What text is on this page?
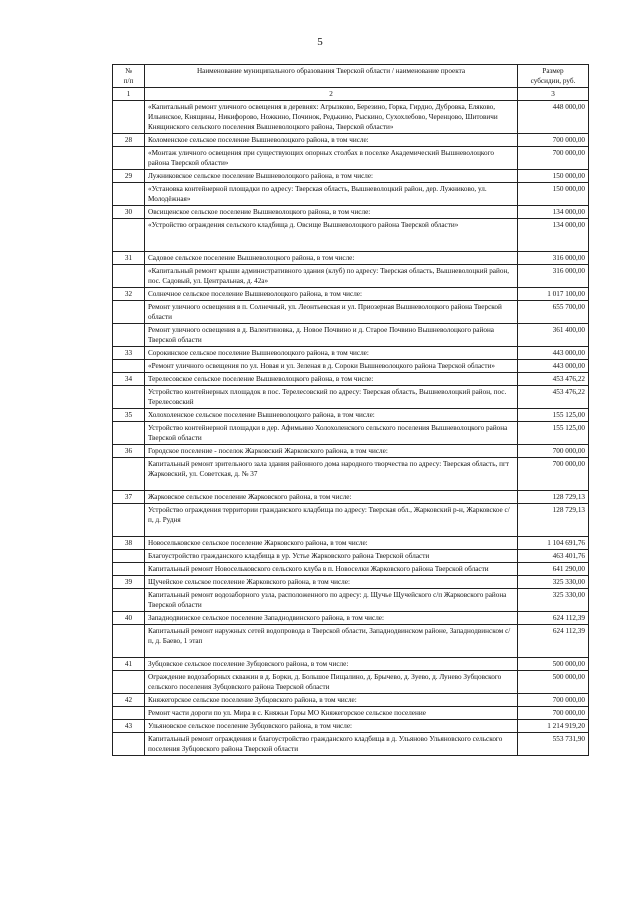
5
№
п/п	Наименование муниципального образования Тверской области / наименование проекта	Размер
субсидии, руб.
1	2	3
	«Капитальный ремонт уличного освещения в деревнях: Агрызково, Березино, Горка, Гирдно, Дубровка, Еляково, Ильинское, Княщины, Никифорово, Ножкино, Починок, Редькино, Рыскино, Сухохлебово, Черенцово, Шитовичи Княщинского сельского поселения Вышневолоцкого района, Тверской области»	448 000,00
28	Коломенское сельское поселение Вышневолоцкого района, в том числе:	700 000,00
	«Монтаж уличного освещения при существующих опорных столбах в поселке Академический Вышневолоцкого района Тверской области»	700 000,00
29	Лужниковское сельское поселение Вышневолоцкого района, в том числе:	150 000,00
	«Установка контейнерной площадки по адресу: Тверская область, Вышневолоцкий район, дер. Лужниково, ул. Молодёжная»	150 000,00
30	Овсищенское сельское поселение Вышневолоцкого района, в том числе:	134 000,00
	«Устройство ограждения сельского кладбища д. Овсище Вышневолоцкого района Тверской области»	134 000,00
31	Садовое сельское поселение Вышневолоцкого района, в том числе:	316 000,00
	«Капитальный ремонт крыши административного здания (клуб) по адресу: Тверская область, Вышневолоцкий район, пос. Садовый, ул. Центральная, д. 42а»	316 000,00
32	Солнечное сельское поселение Вышневолоцкого района, в том числе:	1 017 100,00
	Ремонт уличного освещения в п. Солнечный, ул. Леонтьевская и ул. Приозерная Вышневолоцкого района Тверской области	655 700,00
	Ремонт уличного освещения в д. Валентиновка, д. Новое Почвино и д. Старое Почвино Вышневолоцкого района Тверской области	361 400,00
33	Сорокинское сельское поселение Вышневолоцкого района, в том числе:	443 000,00
	«Ремонт уличного освещения по ул. Новая и ул. Зеленая в д. Сороки Вышневолоцкого района Тверской области»	443 000,00
34	Терелесовское сельское поселение Вышневолоцкого района, в том числе:	453 476,22
	Устройство контейнерных площадок в пос. Терелесовский по адресу: Тверская область, Вышневолоцкий район, пос. Терелесовский	453 476,22
35	Холохоленское сельское поселение Вышневолоцкого района, в том числе:	155 125,00
	Устройство контейнерной площадки в дер. Афимьино Холохоленского сельского поселения Вышневолоцкого района Тверской области	155 125,00
36	Городское поселение - поселок Жарковский Жарковского района, в том числе:	700 000,00
	Капитальный ремонт зрительного зала здания районного дома народного творчества по адресу: Тверская область, пгт Жарковский, ул. Советская, д. № 37	700 000,00
37	Жарковское сельское поселение Жарковского района, в том числе:	128 729,13
	Устройство ограждения территории гражданского кладбища по адресу: Тверская обл., Жарковский р-н, Жарковское с/п, д. Рудня	128 729,13
38	Новосельковское сельское поселение Жарковского района, в том числе:	1 104 691,76
	Благоустройство гражданского кладбища в ур. Устье Жарковского района Тверской области	463 401,76
	Капитальный ремонт Новосельковского сельского клуба в п. Новоселки Жарковского района Тверской области	641 290,00
39	Щучейское сельское поселение Жарковского района, в том числе:	325 330,00
	Капитальный ремонт водозаборного узла, расположенного по адресу: д. Щучье Щучейского с/п Жарковского района Тверской области	325 330,00
40	Западнодвинское сельское поселение Западнодвинского района, в том числе:	624 112,39
	Капитальный ремонт наружных сетей водопровода в Тверской области, Западнодвинском районе, Западнодвинском с/п, д. Баево, 1 этап	624 112,39
41	Зубцовское сельское поселение Зубцовского района, в том числе:	500 000,00
	Ограждение водозаборных скважин в д. Борки, д. Большое Пищалино, д. Брычево, д. Зуево, д. Лунево Зубцовского сельского поселения Зубцовского района Тверской области	500 000,00
42	Княжегорское сельское поселение Зубцовского района, в том числе:	700 000,00
	Ремонт части дороги по ул. Мира в с. Княжьи Горы МО Княжегорское сельское поселение	700 000,00
43	Ульяновское сельское поселение Зубцовского района, в том числе:	1 214 919,20
	Капитальный ремонт ограждения и благоустройство гражданского кладбища в д. Ульяново Ульяновского сельского поселения Зубцовского района Тверской области	553 731,90
